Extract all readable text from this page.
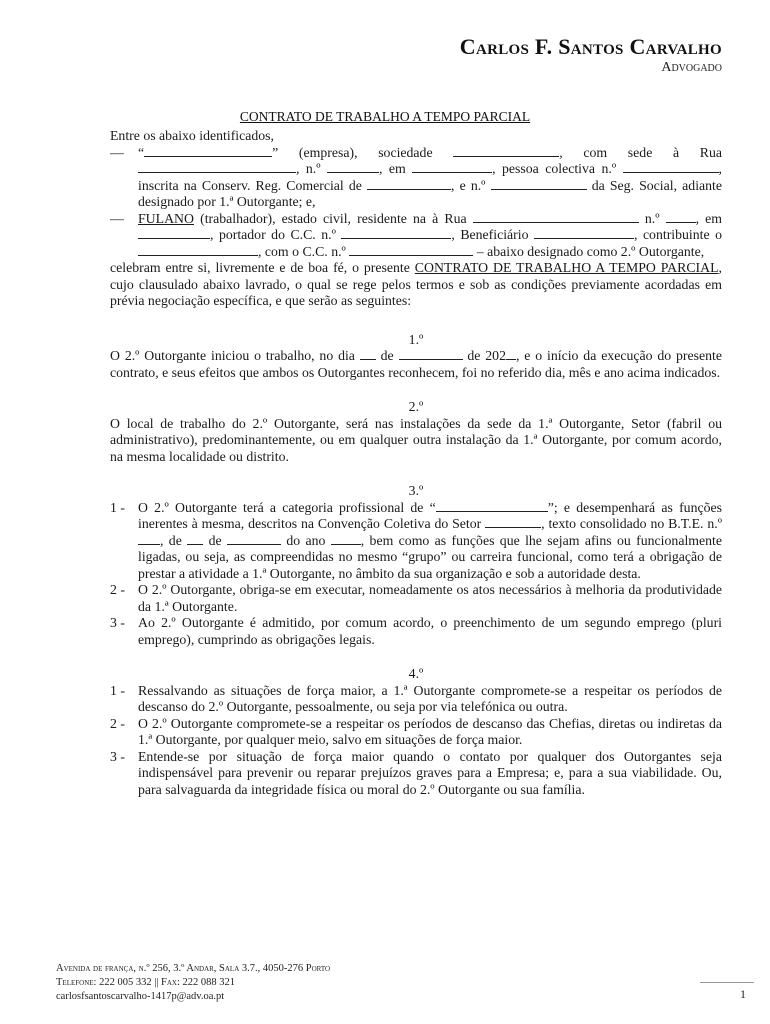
Carlos F. Santos Carvalho
Advogado
CONTRATO DE TRABALHO A TEMPO PARCIAL

Entre os abaixo identificados,

— “	” (empresa), sociedade	, com sede à Rua , n.º	, em	, pessoa colectiva n.º	, inscrita na Conserv. Reg. Comercial de	, e n.º	da Seg. Social, adiante designado por 1.ª Outorgante; e,
— FULANO (trabalhador), estado civil, residente na à Rua	n.º	, em , portador do C.C. n.º	, Beneficiário	, contribuinte o , com o C.C. n.º	– abaixo designado como 2.º Outorgante,

celebram entre si, livremente e de boa fé, o presente CONTRATO DE TRABALHO A TEMPO PARCIAL, cujo clausulado abaixo lavrado, o qual se rege pelos termos e sob as condições previamente acordadas em prévia negociação específica, e que serão as seguintes:

1.º

O 2.º Outorgante iniciou o trabalho, no dia de	de 202 , e o início da execução do presente contrato, e seus efeitos que ambos os Outorgantes reconhecem, foi no referido dia, mês e ano acima indicados.

2.º

O local de trabalho do 2.º Outorgante, será nas instalações da sede da 1.ª Outorgante, Setor (fabril ou administrativo), predominantemente, ou em qualquer outra instalação da 1.ª Outorgante, por comum acordo, na mesma localidade ou distrito.

3.º
1 - O 2.º Outorgante terá a categoria profissional de “	”; e desempenhará as funções inerentes à mesma, descritos na Convenção Coletiva do Setor	, texto consolidado no B.T.E. n.º , de de	do ano	, bem como as funções que lhe sejam afins ou funcionalmente ligadas, ou seja, as compreendidas no mesmo “grupo” ou carreira funcional, como terá a obrigação de prestar a atividade a 1.ª Outorgante, no âmbito da sua organização e sob a autoridade desta.
2 - O 2.º Outorgante, obriga-se em executar, nomeadamente os atos necessários à melhoria da produtividade da 1.ª Outorgante.
3 - Ao 2.º Outorgante é admitido, por comum acordo, o preenchimento de um segundo emprego (pluri emprego), cumprindo as obrigações legais.
4.º
1 - Ressalvando as situações de força maior, a 1.ª Outorgante compromete-se a respeitar os períodos de descanso do 2.º Outorgante, pessoalmente, ou seja por via telefónica ou outra.
2 - O 2.º Outorgante compromete-se a respeitar os períodos de descanso das Chefias, diretas ou indiretas da 1.ª Outorgante, por qualquer meio, salvo em situações de força maior.
3 - Entende-se por situação de força maior quando o contato por qualquer dos Outorgantes seja indispensável para prevenir ou reparar prejuízos graves para a Empresa; e, para a sua viabilidade. Ou, para salvaguarda da integridade física ou moral do 2.º Outorgante ou sua família.
Avenida de frança, n.º 256, 3.º Andar, Sala 3.7., 4050-276 Porto
Telefone: 222 005 332 || Fax: 222 088 321
carlosfsantoscarvalho-1417p@adv.oa.pt	1
